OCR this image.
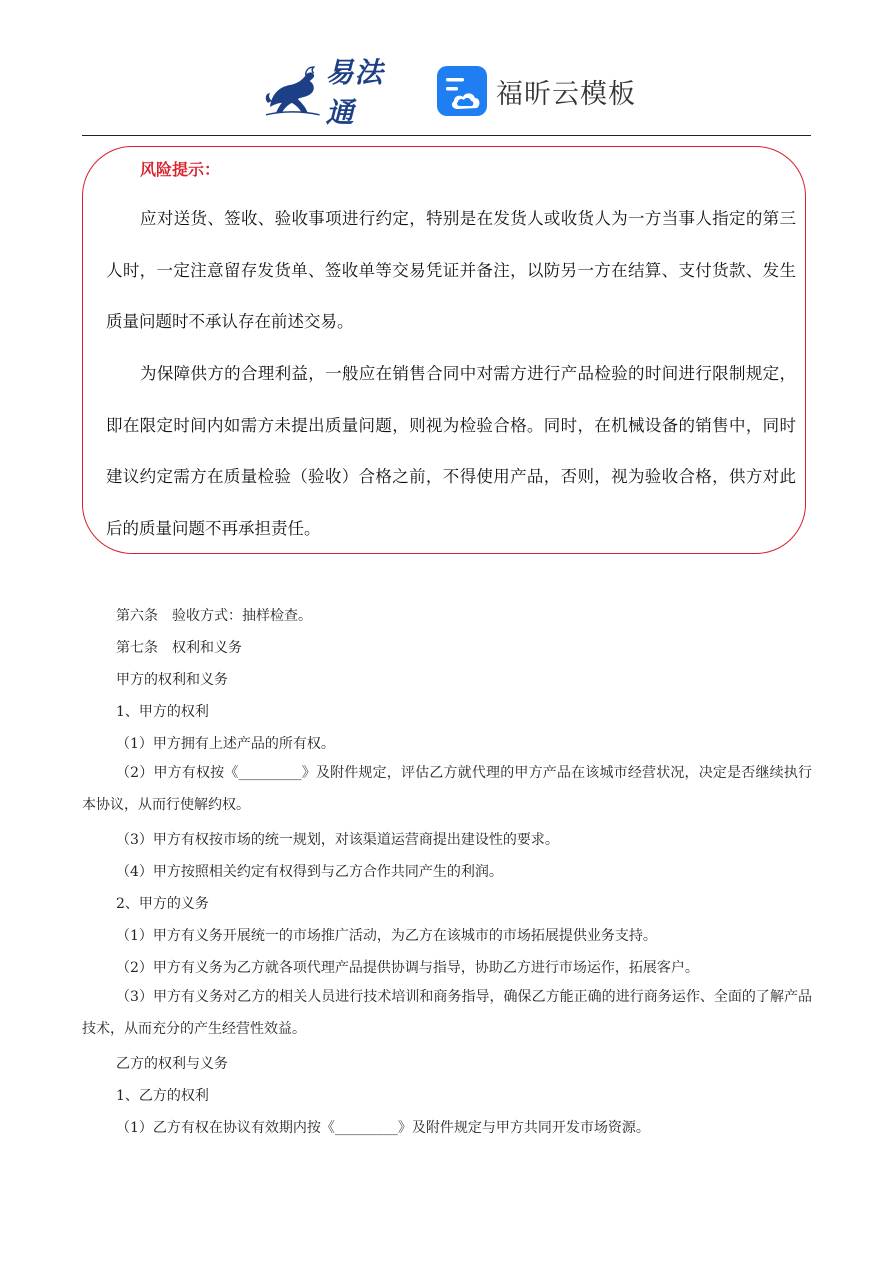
易法通
福昕云模板
风险提示：

应对送货、签收、验收事项进行约定，特别是在发货人或收货人为一方当事人指定的第三人时，一定注意留存发货单、签收单等交易凭证并备注，以防另一方在结算、支付货款、发生质量问题时不承认存在前述交易。

为保障供方的合理利益，一般应在销售合同中对需方进行产品检验的时间进行限制规定，即在限定时间内如需方未提出质量问题，则视为检验合格。同时，在机械设备的销售中，同时建议约定需方在质量检验（验收）合格之前，不得使用产品，否则，视为验收合格，供方对此后的质量问题不再承担责任。

第六条　验收方式：抽样检查。

第七条　权利和义务

甲方的权利和义务

1、甲方的权利

（1）甲方拥有上述产品的所有权。

（2）甲方有权按《_________》及附件规定，评估乙方就代理的甲方产品在该城市经营状况，决定是否继续执行本协议，从而行使解约权。

（3）甲方有权按市场的统一规划，对该渠道运营商提出建设性的要求。

（4）甲方按照相关约定有权得到与乙方合作共同产生的利润。

2、甲方的义务

（1）甲方有义务开展统一的市场推广活动，为乙方在该城市的市场拓展提供业务支持。

（2）甲方有义务为乙方就各项代理产品提供协调与指导，协助乙方进行市场运作，拓展客户。

（3）甲方有义务对乙方的相关人员进行技术培训和商务指导，确保乙方能正确的进行商务运作、全面的了解产品技术，从而充分的产生经营性效益。

乙方的权利与义务

1、乙方的权利

（1）乙方有权在协议有效期内按《_________》及附件规定与甲方共同开发市场资源。
